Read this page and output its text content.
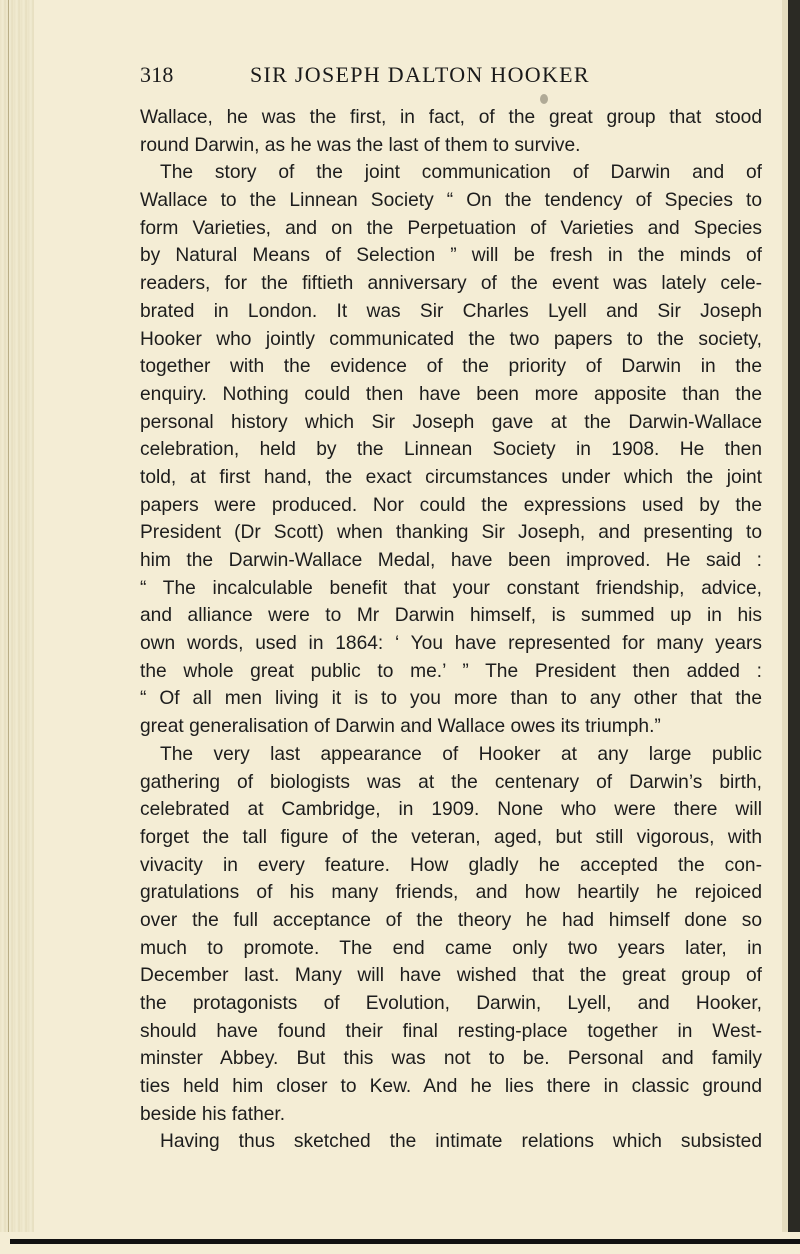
318	SIR JOSEPH DALTON HOOKER
Wallace, he was the first, in fact, of the great group that stood
round Darwin, as he was the last of them to survive.
The story of the joint communication of Darwin and of
Wallace to the Linnean Society “ On the tendency of Species to
form Varieties, and on the Perpetuation of Varieties and Species
by Natural Means of Selection ” will be fresh in the minds of
readers, for the fiftieth anniversary of the event was lately cele-
brated in London. It was Sir Charles Lyell and Sir Joseph
Hooker who jointly communicated the two papers to the society,
together with the evidence of the priority of Darwin in the
enquiry. Nothing could then have been more apposite than the
personal history which Sir Joseph gave at the Darwin-Wallace
celebration, held by the Linnean Society in 1908. He then
told, at first hand, the exact circumstances under which the joint
papers were produced. Nor could the expressions used by the
President (Dr Scott) when thanking Sir Joseph, and presenting to
him the Darwin-Wallace Medal, have been improved. He said :
“ The incalculable benefit that your constant friendship, advice,
and alliance were to Mr Darwin himself, is summed up in his
own words, used in 1864: ‘ You have represented for many years
the whole great public to me.’ ” The President then added :
“ Of all men living it is to you more than to any other that the
great generalisation of Darwin and Wallace owes its triumph.”
The very last appearance of Hooker at any large public
gathering of biologists was at the centenary of Darwin’s birth,
celebrated at Cambridge, in 1909. None who were there will
forget the tall figure of the veteran, aged, but still vigorous, with
vivacity in every feature. How gladly he accepted the con-
gratulations of his many friends, and how heartily he rejoiced
over the full acceptance of the theory he had himself done so
much to promote. The end came only two years later, in
December last. Many will have wished that the great group of
the protagonists of Evolution, Darwin, Lyell, and Hooker,
should have found their final resting-place together in West-
minster Abbey. But this was not to be. Personal and family
ties held him closer to Kew. And he lies there in classic ground
beside his father.
Having thus sketched the intimate relations which subsisted
